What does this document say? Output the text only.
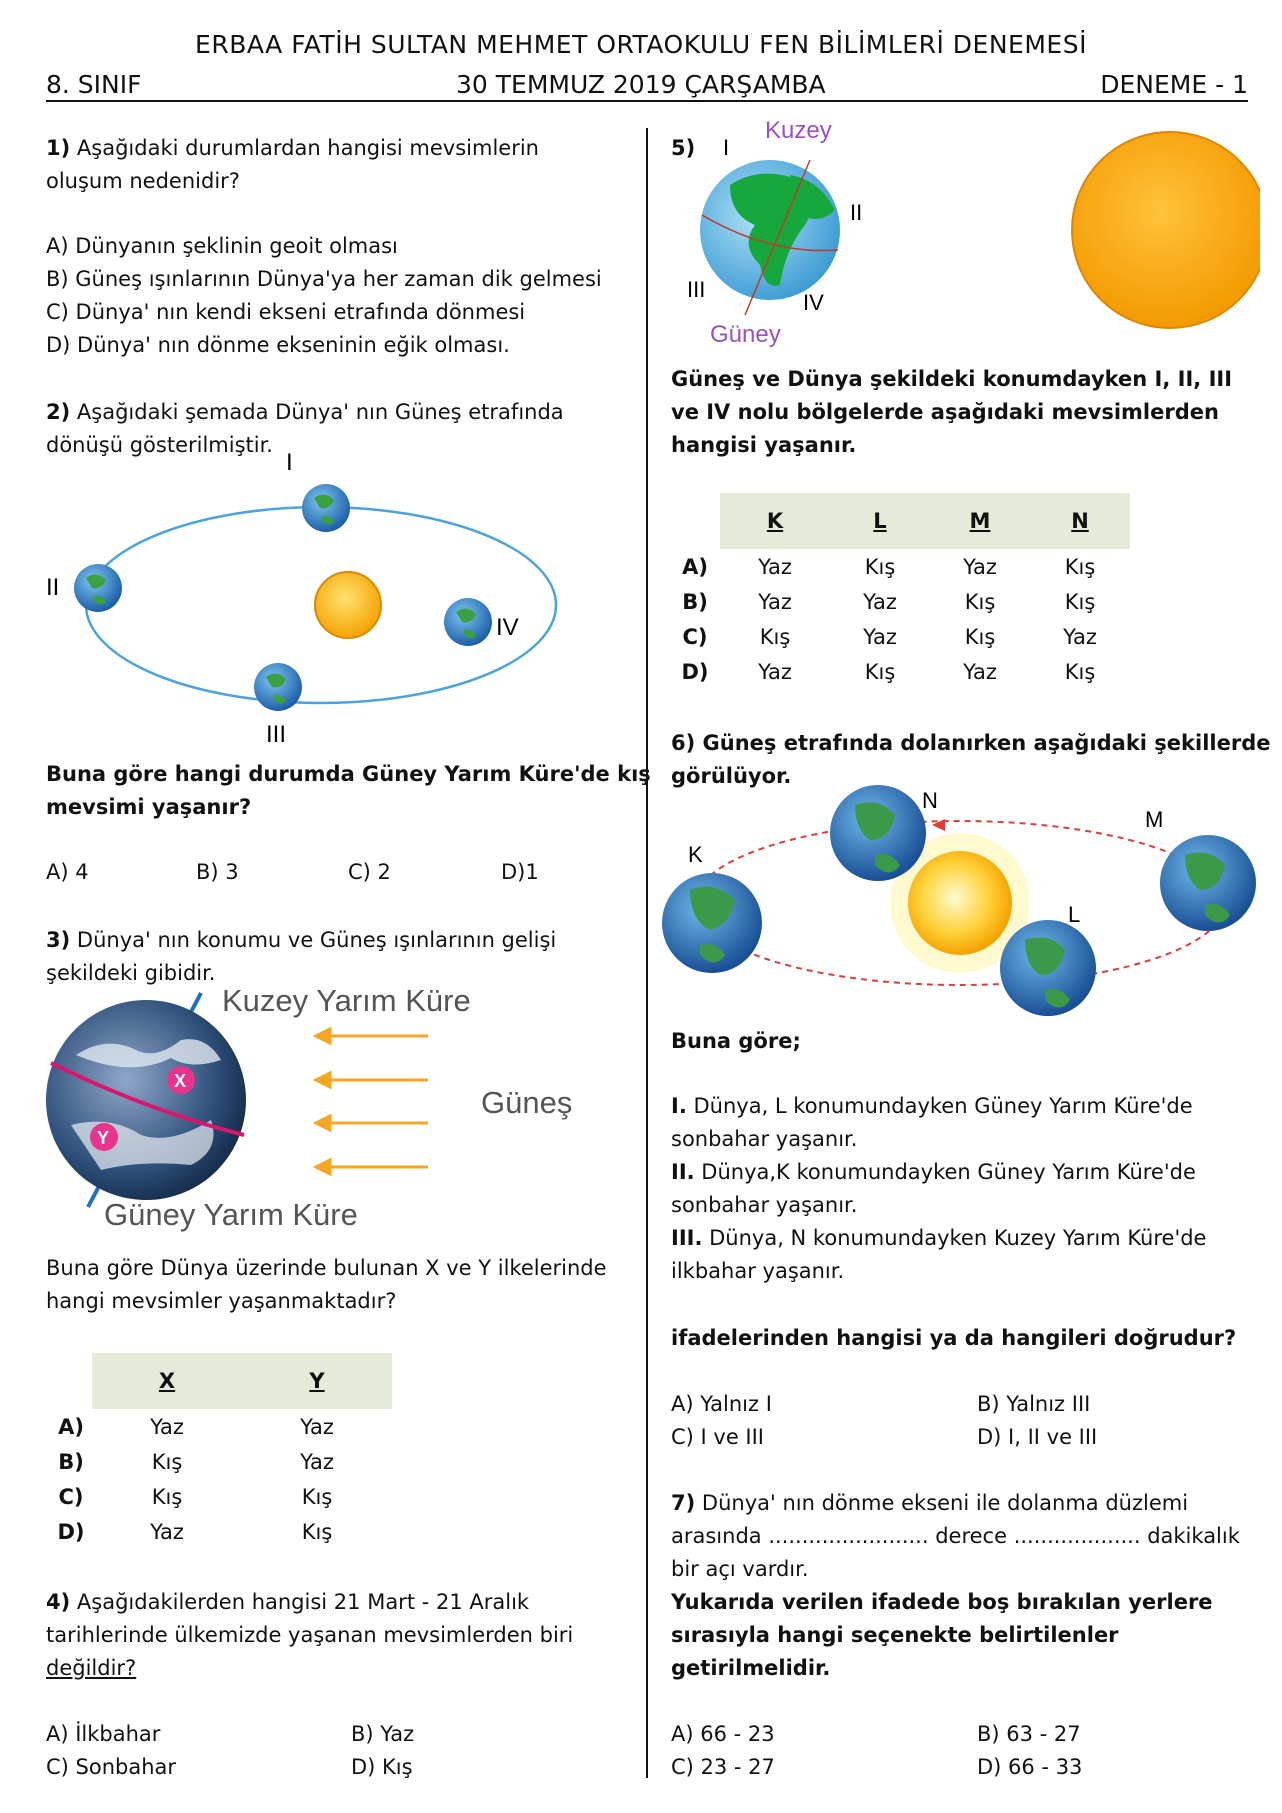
ERBAA FATİH SULTAN MEHMET ORTAOKULU FEN BİLİMLERİ DENEMESİ
8. SINIF	30 TEMMUZ 2019 ÇARŞAMBA	DENEME - 1
1) Aşağıdaki durumlardan hangisi mevsimlerin
oluşum nedenidir?
A) Dünyanın şeklinin geoit olması
B) Güneş ışınlarının Dünya'ya her zaman dik gelmesi
C) Dünya' nın kendi ekseni etrafında dönmesi
D) Dünya' nın dönme ekseninin eğik olması.
2) Aşağıdaki şemada Dünya' nın Güneş etrafında
dönüşü gösterilmiştir.
I
II
III
IV
Buna göre hangi durumda Güney Yarım Küre'de kış
mevsimi yaşanır?
A) 4	B) 3	C) 2	D)1
3) Dünya' nın konumu ve Güneş ışınlarının gelişi
şekildeki gibidir.
X
Y
Kuzey Yarım Küre
Güneş
Güney Yarım Küre
Buna göre Dünya üzerinde bulunan X ve Y ilkelerinde
hangi mevsimler yaşanmaktadır?
	X	Y
A)	Yaz	Yaz
B)	Kış	Yaz
C)	Kış	Kış
D)	Yaz	Kış
4) Aşağıdakilerden hangisi 21 Mart - 21 Aralık
tarihlerinde ülkemizde yaşanan mevsimlerden biri
değildir?
A) İlkbahar	B) Yaz
C) Sonbahar	D) Kış
5)
Kuzey
Güney
I
II
III
IV
Güneş ve Dünya şekildeki konumdayken I, II, III
ve IV nolu bölgelerde aşağıdaki mevsimlerden
hangisi yaşanır.
	K	L	M	N
A)	Yaz	Kış	Yaz	Kış
B)	Yaz	Yaz	Kış	Kış
C)	Kış	Yaz	Kış	Yaz
D)	Yaz	Kış	Yaz	Kış
6) Güneş etrafında dolanırken aşağıdaki şekillerde
görülüyor.
K
L
M
N
Buna göre;
I. Dünya, L konumundayken Güney Yarım Küre'de
sonbahar yaşanır.
II. Dünya,K konumundayken Güney Yarım Küre'de
sonbahar yaşanır.
III. Dünya, N konumundayken Kuzey Yarım Küre'de
ilkbahar yaşanır.
ifadelerinden hangisi ya da hangileri doğrudur?
A) Yalnız I	B) Yalnız III
C) I ve III	D) I, II ve III
7) Dünya' nın dönme ekseni ile dolanma düzlemi
arasında ........................ derece ................... dakikalık
bir açı vardır.
Yukarıda verilen ifadede boş bırakılan yerlere
sırasıyla hangi seçenekte belirtilenler
getirilmelidir.
A) 66 - 23	B) 63 - 27
C) 23 - 27	D) 66 - 33
